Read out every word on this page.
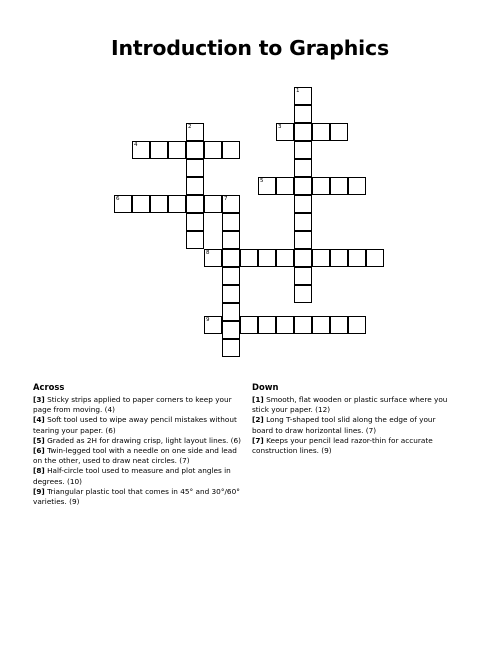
Introduction to Graphics
1
2
7
3
4
5
6
8
9
Across

[3] Sticky strips applied to paper corners to keep your page from moving. (4)

[4] Soft tool used to wipe away pencil mistakes without tearing your paper. (6)

[5] Graded as 2H for drawing crisp, light layout lines. (6)

[6] Twin-legged tool with a needle on one side and lead on the other, used to draw neat circles. (7)

[8] Half-circle tool used to measure and plot angles in degrees. (10)

[9] Triangular plastic tool that comes in 45° and 30°/60° varieties. (9)

Down

[1] Smooth, flat wooden or plastic surface where you stick your paper. (12)

[2] Long T-shaped tool slid along the edge of your board to draw horizontal lines. (7)

[7] Keeps your pencil lead razor-thin for accurate construction lines. (9)
